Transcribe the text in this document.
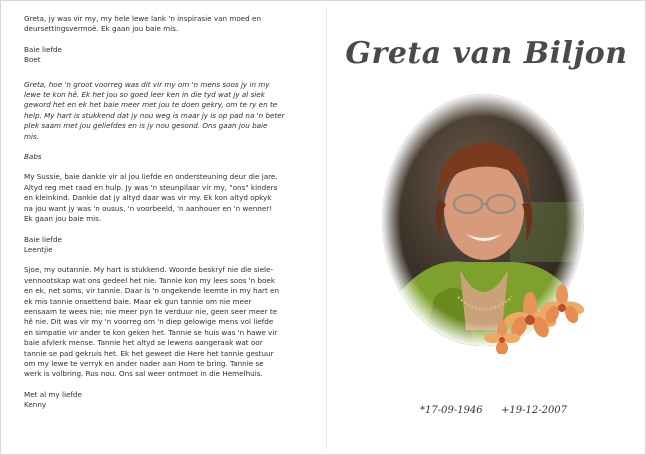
Greta, jy was vir my, my hele lewe lank 'n inspirasie van moed en

deursettingsvermoë. Ek gaan jou baie mis.

Baie liefde

Boet

Greta, hoe 'n groot voorreg was dit vir my om 'n mens soos jy in my

lewe te kon hê. Ek het jou so goed leer ken in die tyd wat jy al siek

geword het en ek het baie meer met jou te doen gekry, om te ry en te

help. My hart is stukkend dat jy nou weg is maar jy is op pad na 'n beter

plek saam met jou geliefdes en is jy nou gesond. Ons gaan jou baie

mis.

Babs

My Sussie, baie dankie vir al jou liefde en ondersteuning deur die jare.

Altyd reg met raad en hulp. Jy was 'n steunpilaar vir my, "ons" kinders

en kleinkind. Dankie dat jy altyd daar was vir my. Ek kon altyd opkyk

na jou want jy was 'n ousus, 'n voorbeeld, 'n aanhouer en 'n wenner!

Ek gaan jou baie mis.

Baie liefde

Leentjie

Sjoe, my outannie. My hart is stukkend. Woorde beskryf nie die siele-

vennootskap wat ons gedeel het nie. Tannie kon my lees soos 'n boek

en ek, net soms, vir tannie. Daar is 'n ongekende leemte in my hart en

ek mis tannie onsettend baie. Maar ek gun tannie om nie meer

eensaam te wees nie; nie meer pyn te verduur nie, geen seer meer te

hê nie. Dit was vir my 'n voorreg om 'n diep gelowige mens vol liefde

en simpatie vir ander te kon geken het. Tannie se huis was 'n hawe vir

baie afvlerk mense. Tannie het altyd se lewens aangeraak wat oor

tannie se pad gekruis het. Ek het geweet die Here het tannie gestuur

om my lewe te verryk en ander nader aan Hom te bring. Tannie se

werk is volbring. Rus nou. Ons sal weer ontmoet in die Hemelhuis.

Met al my liefde

Kenny

Greta van Biljon
*17-09-1946 +19-12-2007
